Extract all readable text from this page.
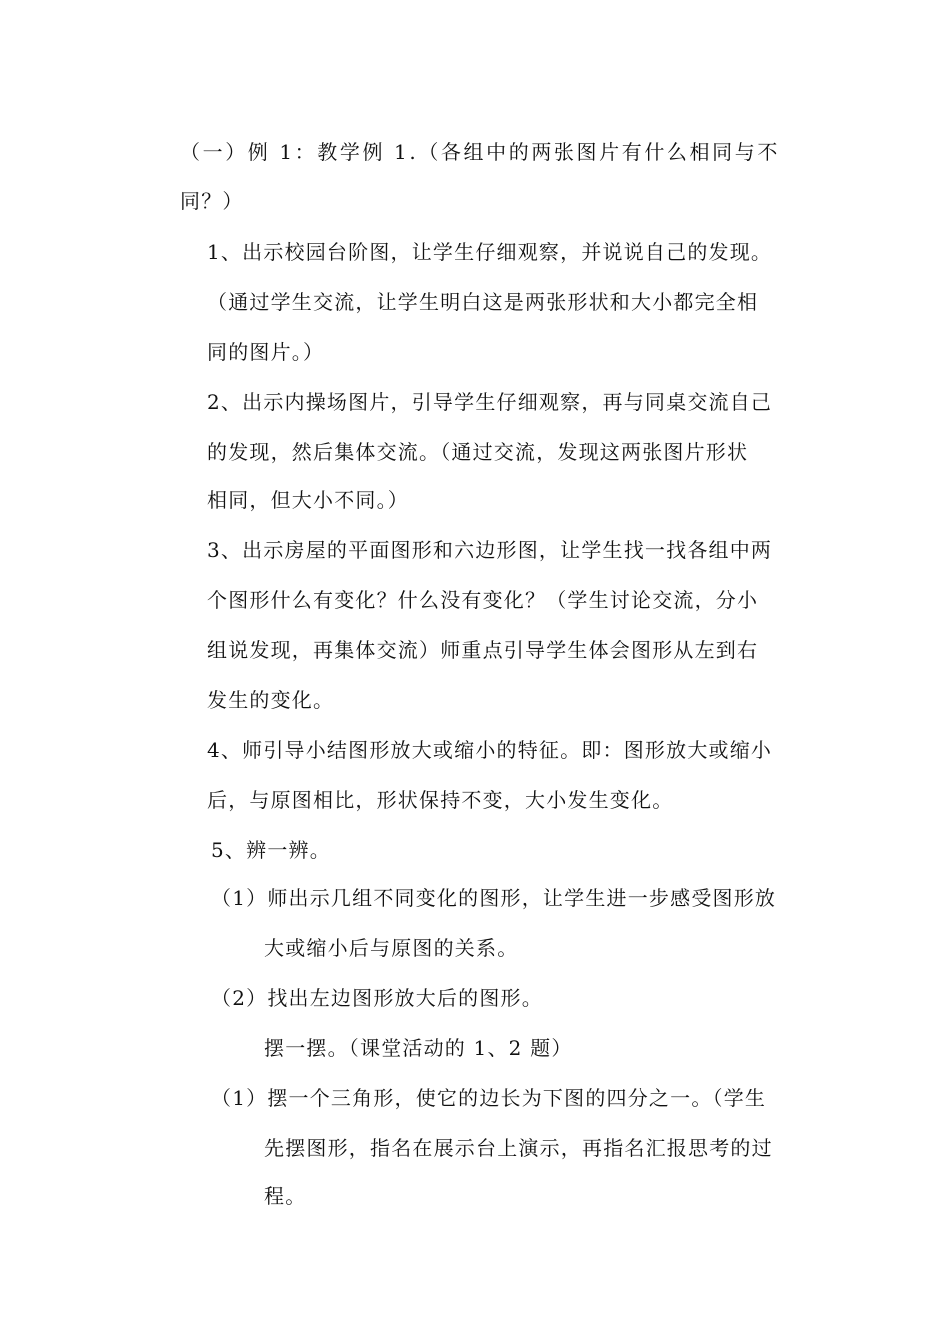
（一）例 1：教学例 1.（各组中的两张图片有什么相同与不
同？）
1、出示校园台阶图，让学生仔细观察，并说说自己的发现。
（通过学生交流，让学生明白这是两张形状和大小都完全相
同的图片。）
2、出示内操场图片，引导学生仔细观察，再与同桌交流自己
的发现，然后集体交流。（通过交流，发现这两张图片形状
相同，但大小不同。）
3、出示房屋的平面图形和六边形图，让学生找一找各组中两
个图形什么有变化？什么没有变化？（学生讨论交流，分小
组说发现，再集体交流）师重点引导学生体会图形从左到右
发生的变化。
4、师引导小结图形放大或缩小的特征。即：图形放大或缩小
后，与原图相比，形状保持不变，大小发生变化。
5、辨一辨。
（1）师出示几组不同变化的图形，让学生进一步感受图形放
大或缩小后与原图的关系。
（2）找出左边图形放大后的图形。
摆一摆。（课堂活动的 1、2 题）
（1）摆一个三角形，使它的边长为下图的四分之一。（学生
先摆图形，指名在展示台上演示，再指名汇报思考的过
程。
